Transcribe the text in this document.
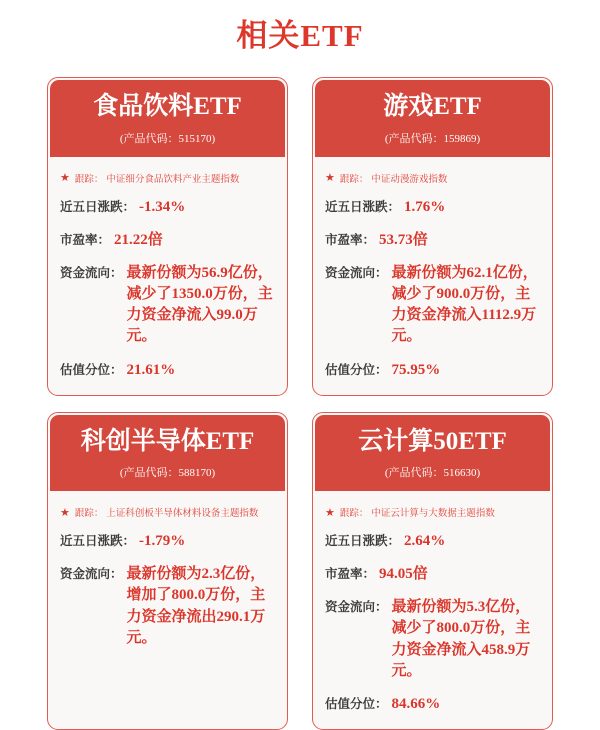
相关ETF
食品饮料ETF
(产品代码：515170)
★ 跟踪： 中证细分食品饮料产业主题指数
近五日涨跌： -1.34%
市盈率： 21.22倍
资金流向： 最新份额为56.9亿份，减少了1350.0万份，主力资金净流入99.0万元。
估值分位： 21.61%
游戏ETF
(产品代码：159869)
★ 跟踪： 中证动漫游戏指数
近五日涨跌： 1.76%
市盈率： 53.73倍
资金流向： 最新份额为62.1亿份，减少了900.0万份，主力资金净流入1112.9万元。
估值分位： 75.95%
科创半导体ETF
(产品代码：588170)
★ 跟踪： 上证科创板半导体材料设备主题指数
近五日涨跌： -1.79%
资金流向： 最新份额为2.3亿份，增加了800.0万份，主力资金净流出290.1万元。
云计算50ETF
(产品代码：516630)
★ 跟踪： 中证云计算与大数据主题指数
近五日涨跌： 2.64%
市盈率： 94.05倍
资金流向： 最新份额为5.3亿份，减少了800.0万份，主力资金净流入458.9万元。
估值分位： 84.66%
